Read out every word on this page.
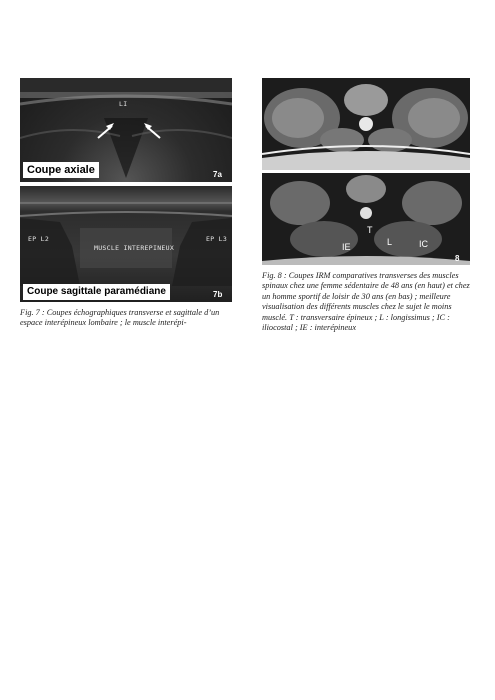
LI
Coupe axiale	7a
EP L2	EP L3
MUSCLE INTEREPINEUX
Coupe sagittale paramédiane	7b
Fig. 7 : Coupes échographiques transverse et sagittale d’un espace interépineux lombaire ; le muscle interépi-
T
L	IC
IE
8
Fig. 8 : Coupes IRM comparatives transverses des muscles spinaux chez une femme sédentaire de 48 ans (en haut) et chez un homme sportif de loisir de 30 ans (en bas) ; meilleure visualisation des différents muscles chez le sujet le moins musclé. T : transversaire épineux ; L : longissimus ; IC : iliocostal ; IE : interépineux
